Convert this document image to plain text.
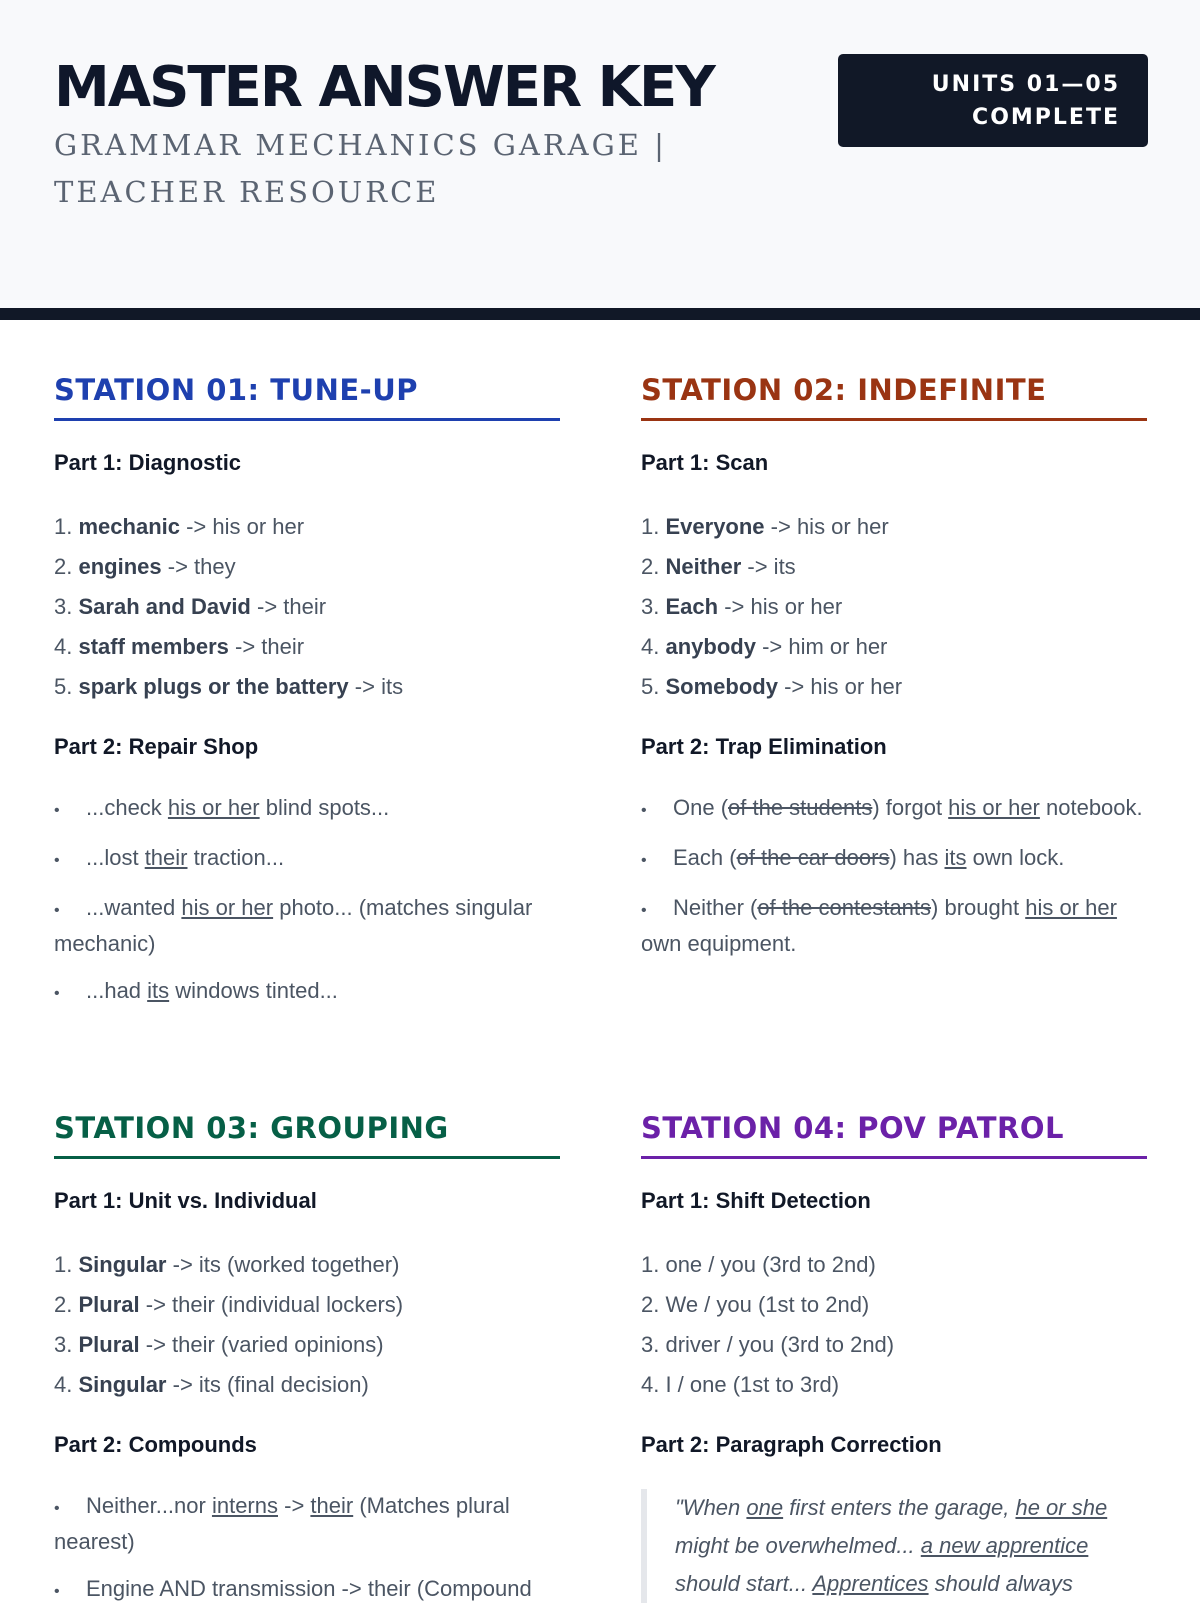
MASTER ANSWER KEY
GRAMMAR MECHANICS GARAGE | TEACHER RESOURCE
UNITS 01—05
COMPLETE
STATION 01: TUNE-UP
Part 1: Diagnostic
1. mechanic -> his or her
2. engines -> they
3. Sarah and David -> their
4. staff members -> their
5. spark plugs or the battery -> its
Part 2: Repair Shop
• ...check his or her blind spots...
• ...lost their traction...
• ...wanted his or her photo... (matches singular mechanic)
• ...had its windows tinted...
STATION 02: INDEFINITE
Part 1: Scan
1. Everyone -> his or her
2. Neither -> its
3. Each -> his or her
4. anybody -> him or her
5. Somebody -> his or her
Part 2: Trap Elimination
• One (of the students) forgot his or her notebook.
• Each (of the car doors) has its own lock.
• Neither (of the contestants) brought his or her own equipment.
STATION 03: GROUPING
Part 1: Unit vs. Individual
1. Singular -> its (worked together)
2. Plural -> their (individual lockers)
3. Plural -> their (varied opinions)
4. Singular -> its (final decision)
Part 2: Compounds
• Neither...nor interns -> their (Matches plural nearest)
• Engine AND transmission -> their (Compound
STATION 04: POV PATROL
Part 1: Shift Detection
1. one / you (3rd to 2nd)
2. We / you (1st to 2nd)
3. driver / you (3rd to 2nd)
4. I / one (1st to 3rd)
Part 2: Paragraph Correction
"When one first enters the garage, he or she might be overwhelmed... a new apprentice should start... Apprentices should always
